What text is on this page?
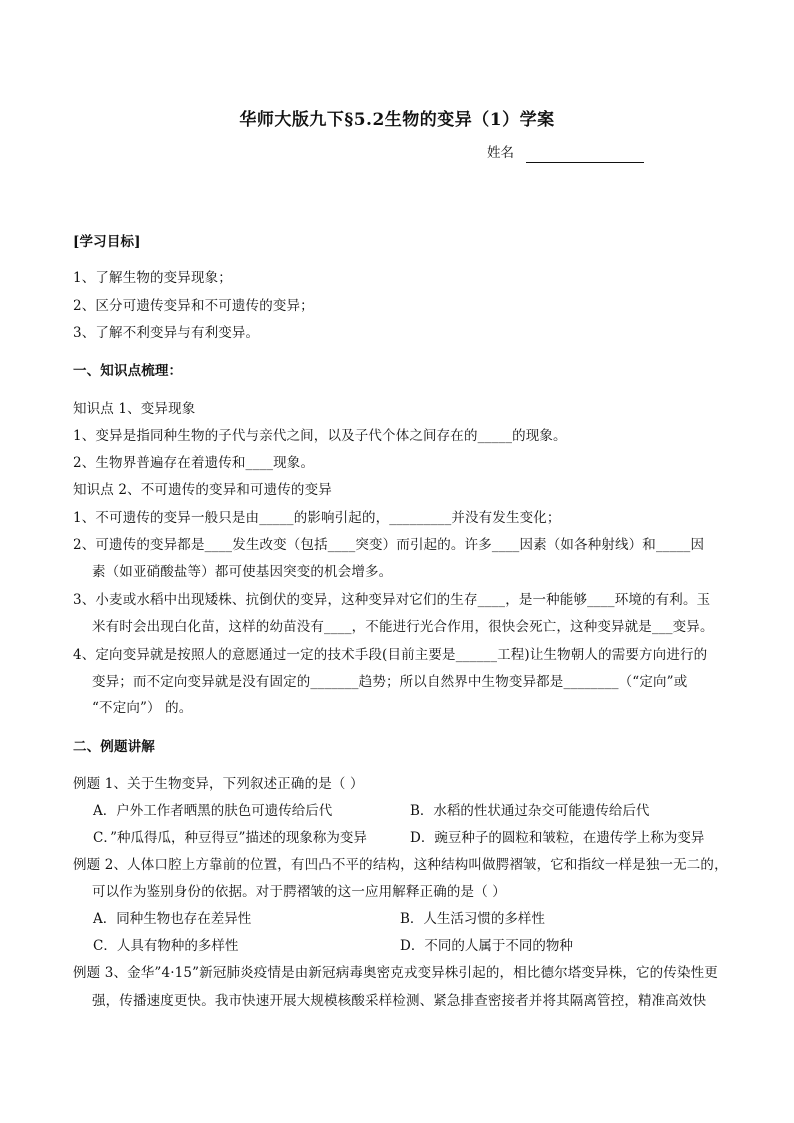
华师大版九下§5.2生物的变异（1）学案
姓名

[学习目标]

1、了解生物的变异现象；

2、区分可遗传变异和不可遗传的变异；

3、了解不利变异与有利变异。

一、知识点梳理：

知识点 1、变异现象

1、变异是指同种生物的子代与亲代之间，以及子代个体之间存在的_____的现象。

2、生物界普遍存在着遗传和____现象。

知识点 2、不可遗传的变异和可遗传的变异

1、不可遗传的变异一般只是由_____的影响引起的，_________并没有发生变化；

2、可遗传的变异都是____发生改变（包括____突变）而引起的。许多____因素（如各种射线）和_____因

素（如亚硝酸盐等）都可使基因突变的机会增多。

3、小麦或水稻中出现矮株、抗倒伏的变异，这种变异对它们的生存____，是一种能够____环境的有利。玉

米有时会出现白化苗，这样的幼苗没有____，不能进行光合作用，很快会死亡，这种变异就是___变异。

4、定向变异就是按照人的意愿通过一定的技术手段(目前主要是______工程)让生物朝人的需要方向进行的

变异；而不定向变异就是没有固定的_______趋势；所以自然界中生物变异都是________（“定向”或

“不定向”） 的。

二、例题讲解

例题 1、关于生物变异，下列叙述正确的是（ ）

A．户外工作者晒黑的肤色可遗传给后代	B．水稻的性状通过杂交可能遗传给后代

C．”种瓜得瓜，种豆得豆”描述的现象称为变异	D．豌豆种子的圆粒和皱粒，在遗传学上称为变异

例题 2、人体口腔上方靠前的位置，有凹凸不平的结构，这种结构叫做腭褶皱，它和指纹一样是独一无二的，

可以作为鉴别身份的依据。对于腭褶皱的这一应用解释正确的是（ ）

A．同种生物也存在差异性	B．人生活习惯的多样性

C．人具有物种的多样性	D．不同的人属于不同的物种

例题 3、金华”4·15”新冠肺炎疫情是由新冠病毒奥密克戎变异株引起的，相比德尔塔变异株，它的传染性更

强，传播速度更快。我市快速开展大规模核酸采样检测、紧急排查密接者并将其隔离管控，精准高效快
